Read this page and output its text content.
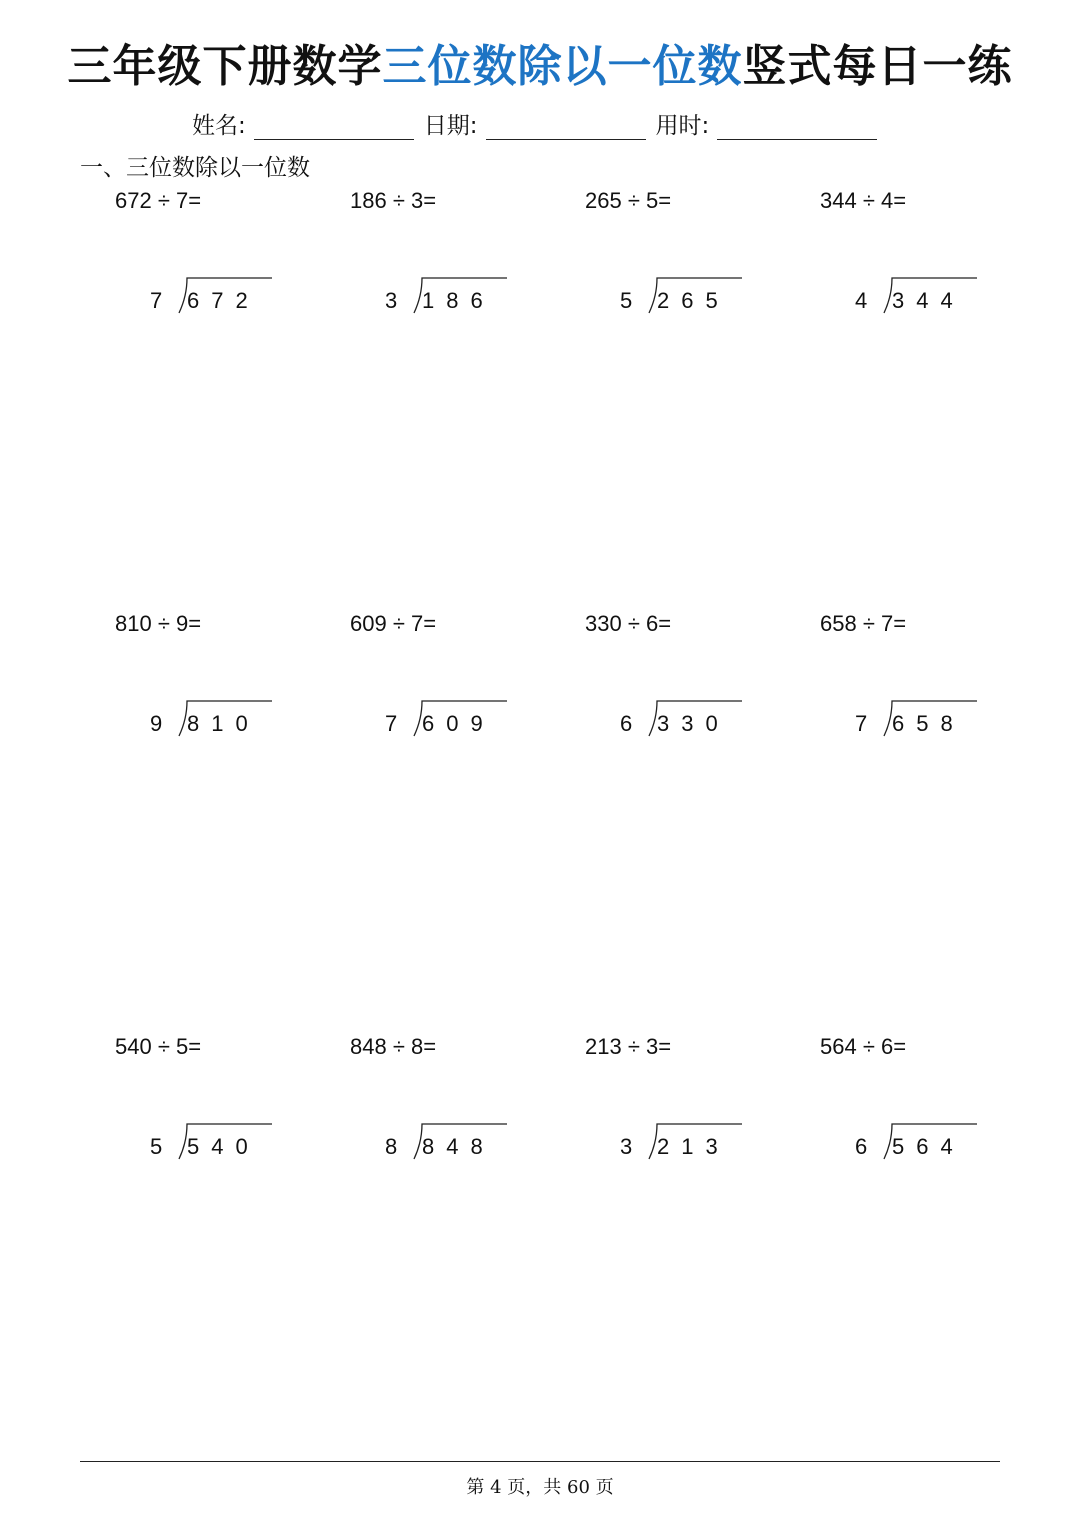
三年级下册数学三位数除以一位数竖式每日一练
姓名:	日期:	用时:
一、三位数除以一位数
672 ÷ 7=
7 672
186 ÷ 3=
3 186
265 ÷ 5=
5 265
344 ÷ 4=
4 344
810 ÷ 9=
9 810
609 ÷ 7=
7 609
330 ÷ 6=
6 330
658 ÷ 7=
7 658
540 ÷ 5=
5 540
848 ÷ 8=
8 848
213 ÷ 3=
3 213
564 ÷ 6=
6 564
第 4 页，共 60 页
